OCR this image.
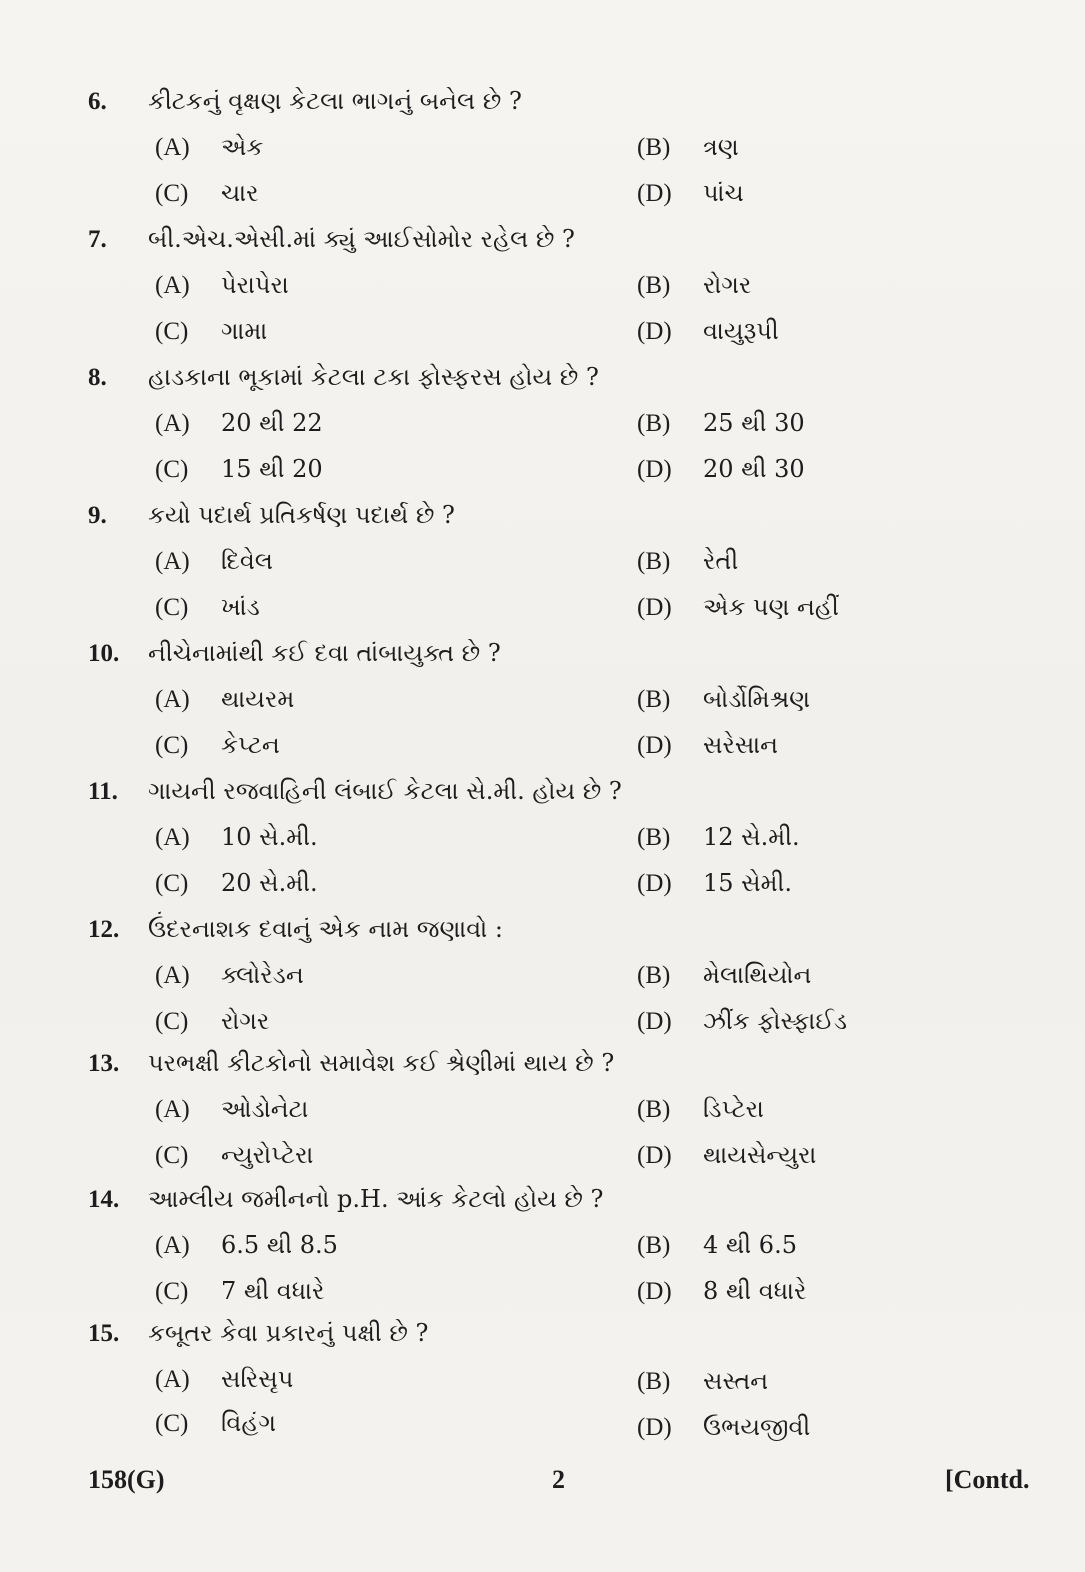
6. કીટકનું વૃક્ષણ કેટલા ભાગનું બનેલ છે ?
(A) એક	(B) ત્રણ
(C) ચાર	(D) પાંચ
7. બી.એચ.એસી.માં ક્યું આઈસોમોર રહેલ છે ?
(A) પેરાપેરા	(B) રોગર
(C) ગામા	(D) વાયુરૂપી
8. હાડકાના ભૂકામાં કેટલા ટકા ફોસ્ફરસ હોય છે ?
(A) 20 થી 22	(B) 25 થી 30
(C) 15 થી 20	(D) 20 થી 30
9. કયો પદાર્થ પ્રતિકર્ષણ પદાર્થ છે ?
(A) દિવેલ	(B) રેતી
(C) ખાંડ	(D) એક પણ નહીં
10. નીચેનામાંથી કઈ દવા તાંબાયુક્ત છે ?
(A) થાયરમ	(B) બોર્ડોમિશ્રણ
(C) કેપ્ટન	(D) સરેસાન
11. ગાયની રજવાહિની લંબાઈ કેટલા સે.મી. હોય છે ?
(A) 10 સે.મી.	(B) 12 સે.મી.
(C) 20 સે.મી.	(D) 15 સેમી.
12. ઉંદરનાશક દવાનું એક નામ જણાવો :
(A) ક્લોરેડન	(B) મેલાથિયોન
(C) રોગર	(D) ઝીંક ફોસ્ફાઈડ
13. પરભક્ષી કીટકોનો સમાવેશ કઈ શ્રેણીમાં થાય છે ?
(A) ઓડોનેટા	(B) ડિપ્ટેરા
(C) ન્યુરોપ્ટેરા	(D) થાયસેન્યુરા
14. આમ્લીય જમીનનો p.H. આંક કેટલો હોય છે ?
(A) 6.5 થી 8.5	(B) 4 થી 6.5
(C) 7 થી વધારે	(D) 8 થી વધારે
15. કબૂતર કેવા પ્રકારનું પક્ષી છે ?
(A) સરિસૃપ	(B) સસ્તન
(C) વિહંગ	(D) ઉભયજીવી
158(G)	2	[Contd.
